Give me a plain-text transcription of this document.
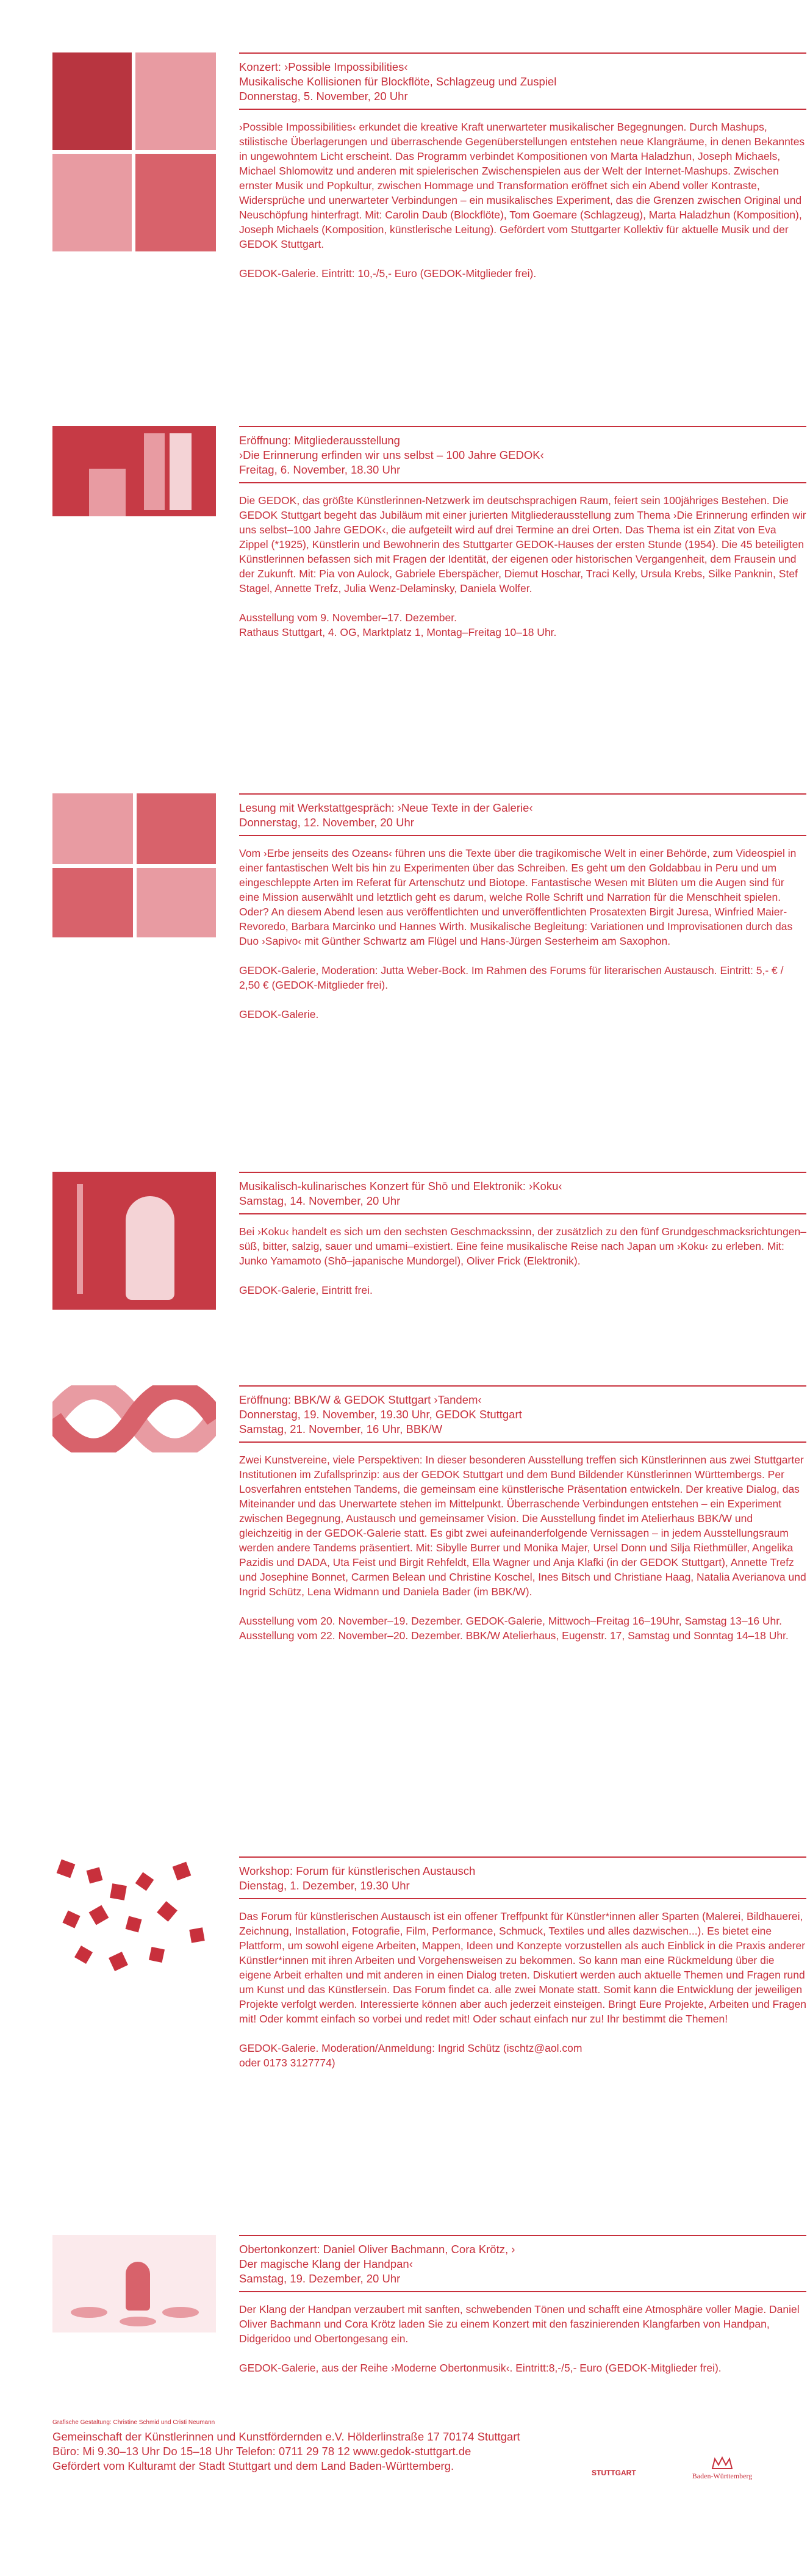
Konzert: ›Possible Impossibilities‹
Musikalische Kollisionen für Blockflöte, Schlagzeug und Zuspiel
Donnerstag, 5. November, 20 Uhr

›Possible Impossibilities‹ erkundet die kreative Kraft unerwarteter musikalischer Begegnungen. Durch Mashups, stilistische Überlagerungen und überraschende Gegenüberstellungen entstehen neue Klangräume, in denen Bekanntes in ungewohntem Licht erscheint. Das Programm verbindet Kompositionen von Marta Haladzhun, Joseph Michaels, Michael Shlomowitz und anderen mit spielerischen Zwischenspielen aus der Welt der Internet-Mashups. Zwischen ernster Musik und Popkultur, zwischen Hommage und Transformation eröffnet sich ein Abend voller Kontraste, Widersprüche und unerwarteter Verbindungen – ein musikalisches Experiment, das die Grenzen zwischen Original und Neuschöpfung hinterfragt. Mit: Carolin Daub (Blockflöte), Tom Goemare (Schlagzeug), Marta Haladzhun (Komposition), Joseph Michaels (Komposition, künstlerische Leitung). Gefördert vom Stuttgarter Kollektiv für aktuelle Musik und der GEDOK Stuttgart.

GEDOK-Galerie. Eintritt: 10,-/5,- Euro (GEDOK-Mitglieder frei).

Eröffnung: Mitgliederausstellung
›Die Erinnerung erfinden wir uns selbst – 100 Jahre GEDOK‹
Freitag, 6. November, 18.30 Uhr

Die GEDOK, das größte Künstlerinnen-Netzwerk im deutschsprachigen Raum, feiert sein 100jähriges Bestehen. Die GEDOK Stuttgart begeht das Jubiläum mit einer jurierten Mitgliederausstellung zum Thema ›Die Erinnerung erfinden wir uns selbst–100 Jahre GEDOK‹, die aufgeteilt wird auf drei Termine an drei Orten. Das Thema ist ein Zitat von Eva Zippel (*1925), Künstlerin und Bewohnerin des Stuttgarter GEDOK-Hauses der ersten Stunde (1954). Die 45 beteiligten Künstlerinnen befassen sich mit Fragen der Identität, der eigenen oder historischen Vergangenheit, dem Frausein und der Zukunft. Mit: Pia von Aulock, Gabriele Eberspächer, Diemut Hoschar, Traci Kelly, Ursula Krebs, Silke Panknin, Stef Stagel, Annette Trefz, Julia Wenz-Delaminsky, Daniela Wolfer.

Ausstellung vom 9. November–17. Dezember.
Rathaus Stuttgart, 4. OG, Marktplatz 1, Montag–Freitag 10–18 Uhr.

Lesung mit Werkstattgespräch: ›Neue Texte in der Galerie‹
Donnerstag, 12. November, 20 Uhr

Vom ›Erbe jenseits des Ozeans‹ führen uns die Texte über die tragikomische Welt in einer Behörde, zum Videospiel in einer fantastischen Welt bis hin zu Experimenten über das Schreiben. Es geht um den Goldabbau in Peru und um eingeschleppte Arten im Referat für Artenschutz und Biotope. Fantastische Wesen mit Blüten um die Augen sind für eine Mission auserwählt und letztlich geht es darum, welche Rolle Schrift und Narration für die Menschheit spielen. Oder? An diesem Abend lesen aus veröffentlichten und unveröffentlichten Prosatexten Birgit Juresa, Winfried Maier-Revoredo, Barbara Marcinko und Hannes Wirth. Musikalische Begleitung: Variationen und Improvisationen durch das Duo ›Sapivo‹ mit Günther Schwartz am Flügel und Hans-Jürgen Sesterheim am Saxophon.

GEDOK-Galerie, Moderation: Jutta Weber-Bock. Im Rahmen des Forums für literarischen Austausch. Eintritt: 5,- € / 2,50 € (GEDOK-Mitglieder frei).

GEDOK-Galerie.

Musikalisch-kulinarisches Konzert für Shō und Elektronik: ›Koku‹
Samstag, 14. November, 20 Uhr

Bei ›Koku‹ handelt es sich um den sechsten Geschmackssinn, der zusätzlich zu den fünf Grundgeschmacksrichtungen–süß, bitter, salzig, sauer und umami–existiert. Eine feine musikalische Reise nach Japan um ›Koku‹ zu erleben. Mit: Junko Yamamoto (Shō–japanische Mundorgel), Oliver Frick (Elektronik).

GEDOK-Galerie, Eintritt frei.

Eröffnung: BBK/W & GEDOK Stuttgart ›Tandem‹
Donnerstag, 19. November, 19.30 Uhr, GEDOK Stuttgart
Samstag, 21. November, 16 Uhr, BBK/W

Zwei Kunstvereine, viele Perspektiven: In dieser besonderen Ausstellung treffen sich Künstlerinnen aus zwei Stuttgarter Institutionen im Zufallsprinzip: aus der GEDOK Stuttgart und dem Bund Bildender Künstlerinnen Württembergs. Per Losverfahren entstehen Tandems, die gemeinsam eine künstlerische Präsentation entwickeln. Der kreative Dialog, das Miteinander und das Unerwartete stehen im Mittelpunkt. Überraschende Verbindungen entstehen – ein Experiment zwischen Begegnung, Austausch und gemeinsamer Vision. Die Ausstellung findet im Atelierhaus BBK/W und gleichzeitig in der GEDOK-Galerie statt. Es gibt zwei aufeinanderfolgende Vernissagen – in jedem Ausstellungsraum werden andere Tandems präsentiert. Mit: Sibylle Burrer und Monika Majer, Ursel Donn und Silja Riethmüller, Angelika Pazidis und DADA, Uta Feist und Birgit Rehfeldt, Ella Wagner und Anja Klafki (in der GEDOK Stuttgart), Annette Trefz und Josephine Bonnet, Carmen Belean und Christine Koschel, Ines Bitsch und Christiane Haag, Natalia Averianova und Ingrid Schütz, Lena Widmann und Daniela Bader (im BBK/W).

Ausstellung vom 20. November–19. Dezember. GEDOK-Galerie, Mittwoch–Freitag 16–19Uhr, Samstag 13–16 Uhr.
Ausstellung vom 22. November–20. Dezember. BBK/W Atelierhaus, Eugenstr. 17, Samstag und Sonntag 14–18 Uhr.

Workshop: Forum für künstlerischen Austausch
Dienstag, 1. Dezember, 19.30 Uhr

Das Forum für künstlerischen Austausch ist ein offener Treffpunkt für Künstler*innen aller Sparten (Malerei, Bildhauerei, Zeichnung, Installation, Fotografie, Film, Performance, Schmuck, Textiles und alles dazwischen...). Es bietet eine Plattform, um sowohl eigene Arbeiten, Mappen, Ideen und Konzepte vorzustellen als auch Einblick in die Praxis anderer Künstler*innen mit ihren Arbeiten und Vorgehensweisen zu bekommen. So kann man eine Rückmeldung über die eigene Arbeit erhalten und mit anderen in einen Dialog treten. Diskutiert werden auch aktuelle Themen und Fragen rund um Kunst und das Künstlersein. Das Forum findet ca. alle zwei Monate statt. Somit kann die Entwicklung der jeweiligen Projekte verfolgt werden. Interessierte können aber auch jederzeit einsteigen. Bringt Eure Projekte, Arbeiten und Fragen mit! Oder kommt einfach so vorbei und redet mit! Oder schaut einfach nur zu! Ihr bestimmt die Themen!

GEDOK-Galerie. Moderation/Anmeldung: Ingrid Schütz (ischtz@aol.com
oder 0173 3127774)

Obertonkonzert: Daniel Oliver Bachmann, Cora Krötz, ›
Der magische Klang der Handpan‹
Samstag, 19. Dezember, 20 Uhr

Der Klang der Handpan verzaubert mit sanften, schwebenden Tönen und schafft eine Atmosphäre voller Magie. Daniel Oliver Bachmann und Cora Krötz laden Sie zu einem Konzert mit den faszinierenden Klangfarben von Handpan, Didgeridoo und Obertongesang ein.

GEDOK-Galerie, aus der Reihe ›Moderne Obertonmusik‹. Eintritt:8,-/5,- Euro (GEDOK-Mitglieder frei).

Grafische Gestaltung: Christine Schmid und Cristi Neumann
Gemeinschaft der Künstlerinnen und Kunstfördernden e.V. Hölderlinstraße 17 70174 Stuttgart
Büro: Mi 9.30–13 Uhr Do 15–18 Uhr Telefon: 0711 29 78 12 www.gedok-stuttgart.de
Gefördert vom Kulturamt der Stadt Stuttgart und dem Land Baden-Württemberg.
STUTTGART	Baden-Württemberg
